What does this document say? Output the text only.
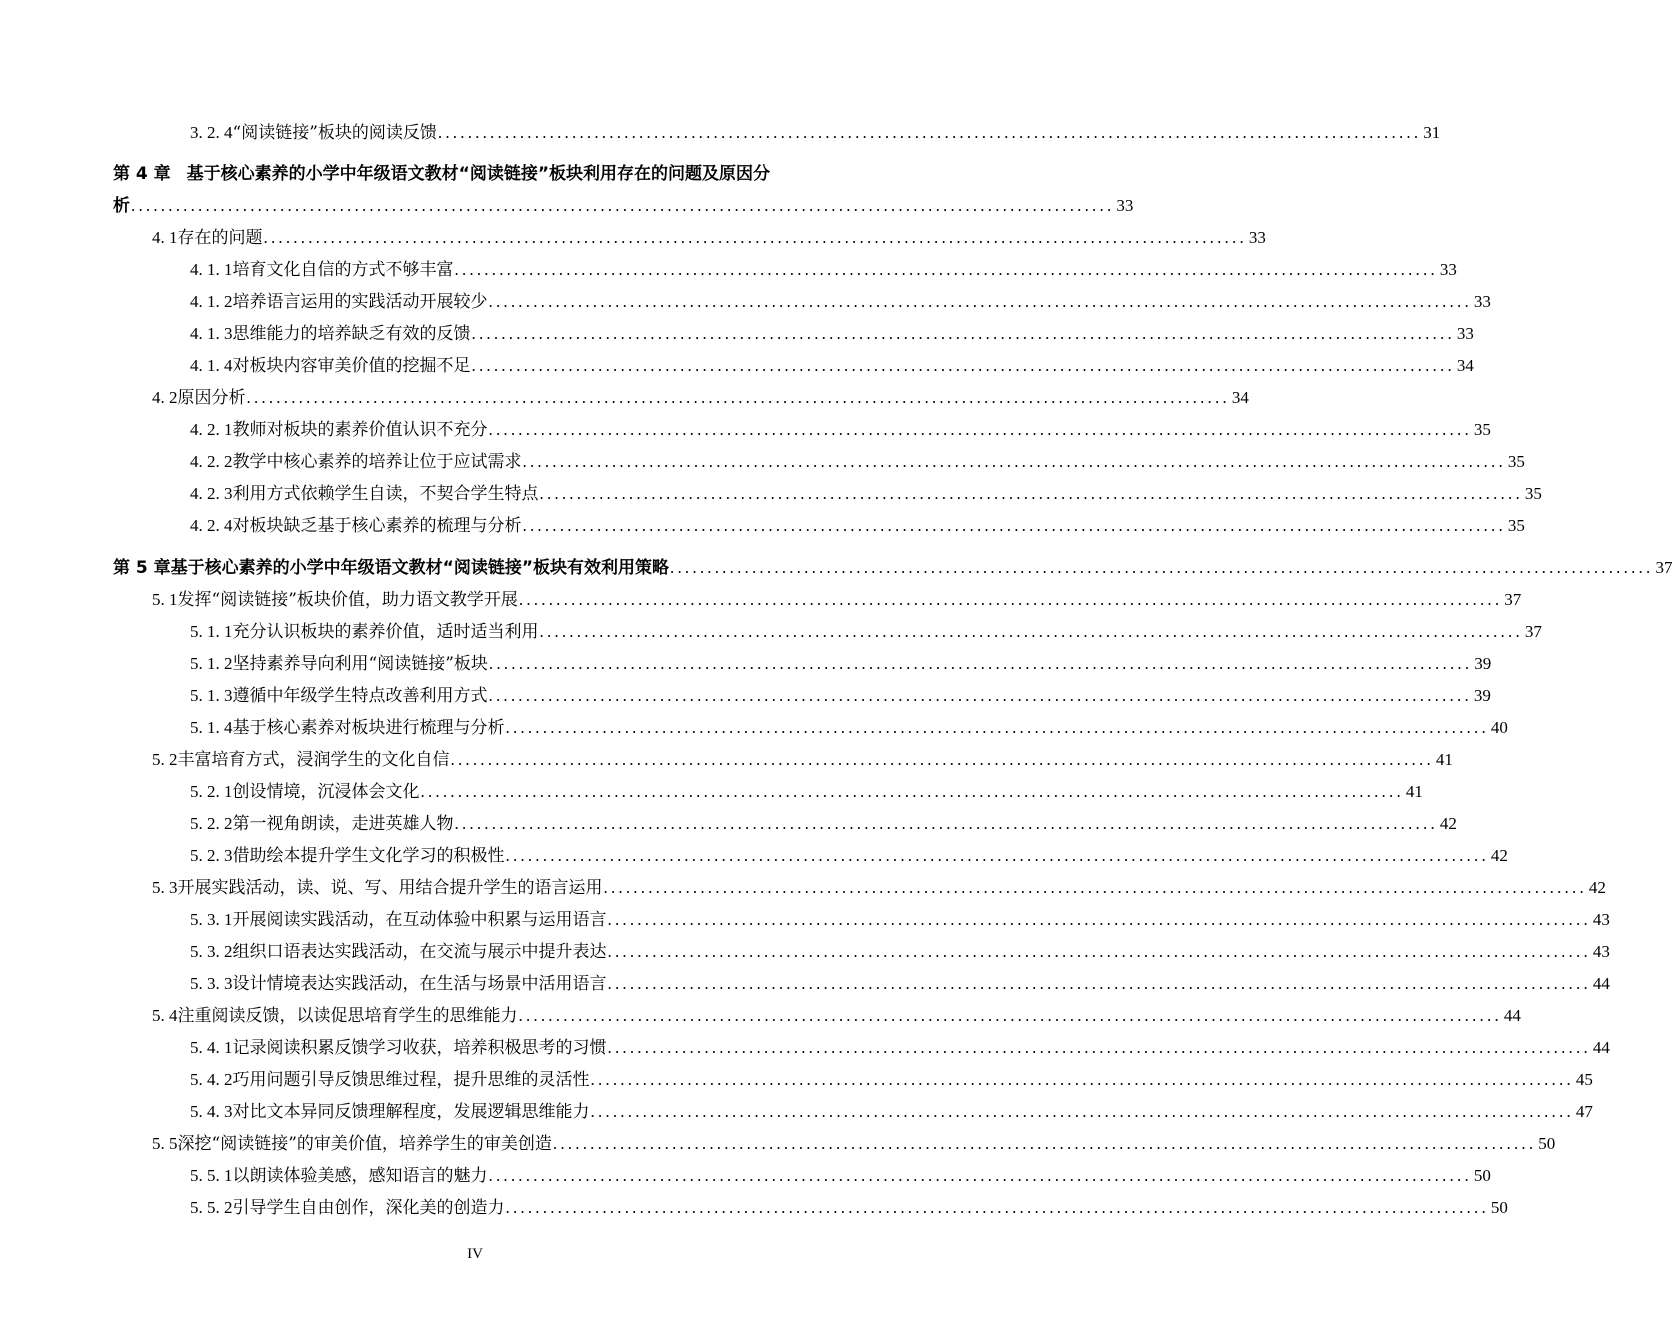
3. 2. 4 “阅读链接”板块的阅读反馈 .................................................................................................................................... 31
第 4 章 基于核心素养的小学中年级语文教材“阅读链接”板块利用存在的问题及原因分
析 .................................................................................................................................... 33
4. 1 存在的问题 .................................................................................................................................... 33
4. 1. 1 培育文化自信的方式不够丰富 .................................................................................................................................... 33
4. 1. 2 培养语言运用的实践活动开展较少 .................................................................................................................................... 33
4. 1. 3 思维能力的培养缺乏有效的反馈 .................................................................................................................................... 33
4. 1. 4 对板块内容审美价值的挖掘不足 .................................................................................................................................... 34
4. 2 原因分析 .................................................................................................................................... 34
4. 2. 1 教师对板块的素养价值认识不充分 .................................................................................................................................... 35
4. 2. 2 教学中核心素养的培养让位于应试需求 .................................................................................................................................... 35
4. 2. 3 利用方式依赖学生自读，不契合学生特点 .................................................................................................................................... 35
4. 2. 4 对板块缺乏基于核心素养的梳理与分析 .................................................................................................................................... 35
第 5 章 基于核心素养的小学中年级语文教材“阅读链接”板块有效利用策略 .................................................................................................................................... 37
5. 1 发挥“阅读链接”板块价值，助力语文教学开展 .................................................................................................................................... 37
5. 1. 1 充分认识板块的素养价值，适时适当利用 .................................................................................................................................... 37
5. 1. 2 坚持素养导向利用“阅读链接”板块 .................................................................................................................................... 39
5. 1. 3 遵循中年级学生特点改善利用方式 .................................................................................................................................... 39
5. 1. 4 基于核心素养对板块进行梳理与分析 .................................................................................................................................... 40
5. 2 丰富培育方式，浸润学生的文化自信 .................................................................................................................................... 41
5. 2. 1 创设情境，沉浸体会文化 .................................................................................................................................... 41
5. 2. 2 第一视角朗读，走进英雄人物 .................................................................................................................................... 42
5. 2. 3 借助绘本提升学生文化学习的积极性 .................................................................................................................................... 42
5. 3 开展实践活动，读、说、写、用结合提升学生的语言运用 .................................................................................................................................... 42
5. 3. 1 开展阅读实践活动，在互动体验中积累与运用语言 .................................................................................................................................... 43
5. 3. 2 组织口语表达实践活动，在交流与展示中提升表达 .................................................................................................................................... 43
5. 3. 3 设计情境表达实践活动，在生活与场景中活用语言 .................................................................................................................................... 44
5. 4 注重阅读反馈，以读促思培育学生的思维能力 .................................................................................................................................... 44
5. 4. 1 记录阅读积累反馈学习收获，培养积极思考的习惯 .................................................................................................................................... 44
5. 4. 2 巧用问题引导反馈思维过程，提升思维的灵活性 .................................................................................................................................... 45
5. 4. 3 对比文本异同反馈理解程度，发展逻辑思维能力 .................................................................................................................................... 47
5. 5 深挖“阅读链接”的审美价值，培养学生的审美创造 .................................................................................................................................... 50
5. 5. 1 以朗读体验美感，感知语言的魅力 .................................................................................................................................... 50
5. 5. 2 引导学生自由创作，深化美的创造力 .................................................................................................................................... 50
IV
